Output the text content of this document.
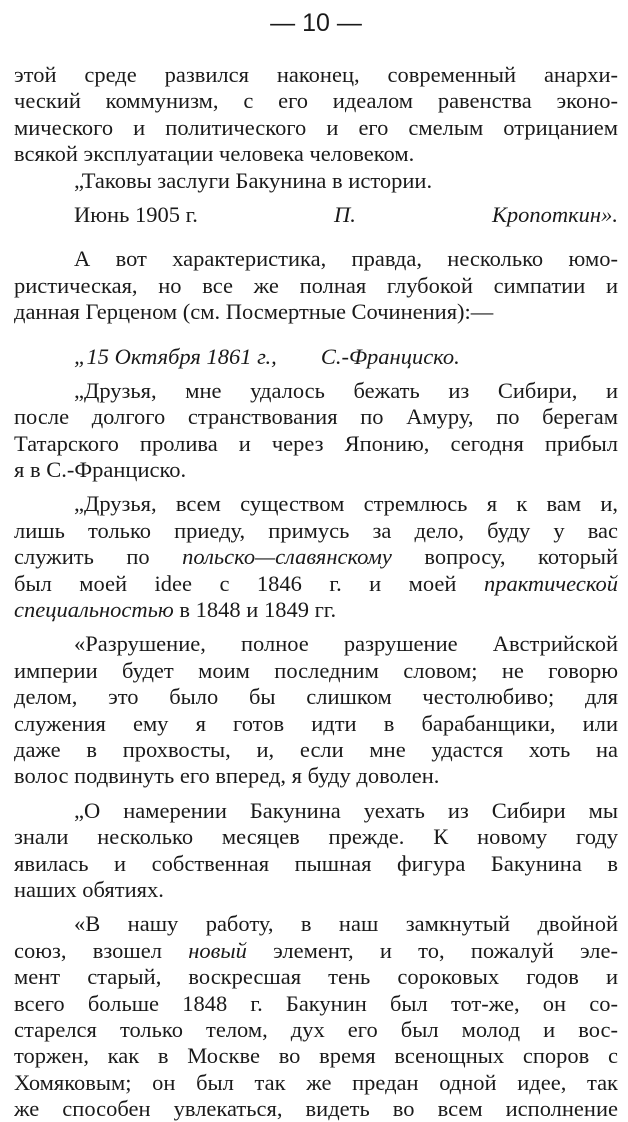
— 10 —
этой среде развился наконец, современный анархи-
ческий коммунизм, с его идеалом равенства эконо-
мического и политического и его смелым отрицанием
всякой эксплуатации человека человеком.
„Таковы заслуги Бакунина в истории.
Июнь 1905 г.	П.	Кропоткин».
А вот характеристика, правда, несколько юмо-
ристическая, но все же полная глубокой симпатии и
данная Герценом (см. Посмертные Сочинения):—
„15 Октября 1861 г., С.-Франциско.
„Друзья, мне удалось бежать из Сибири, и
после долгого странствования по Амуру, по берегам
Татарского пролива и через Японию, сегодня прибыл
я в С.-Франциско.
„Друзья, всем существом стремлюсь я к вам и,
лишь только приеду, примусь за дело, буду у вас
служить по польско—славянскому вопросу, который
был моей idee с 1846 г. и моей практической
специальностью в 1848 и 1849 гг.
«Разрушение, полное разрушение Австрийской
империи будет моим последним словом; не говорю
делом, это было бы слишком честолюбиво; для
служения ему я готов идти в барабанщики, или
даже в прохвосты, и, если мне удастся хоть на
волос подвинуть его вперед, я буду доволен.
„О намерении Бакунина уехать из Сибири мы
знали несколько месяцев прежде. К новому году
явилась и собственная пышная фигура Бакунина в
наших обятиях.
«В нашу работу, в наш замкнутый двойной
союз, взошел новый элемент, и то, пожалуй эле-
мент старый, воскресшая тень сороковых годов и
всего больше 1848 г. Бакунин был тот-же, он со-
старелся только телом, дух его был молод и вос-
торжен, как в Москве во время всенощных споров с
Хомяковым; он был так же предан одной идее, так
же способен увлекаться, видеть во всем исполнение
